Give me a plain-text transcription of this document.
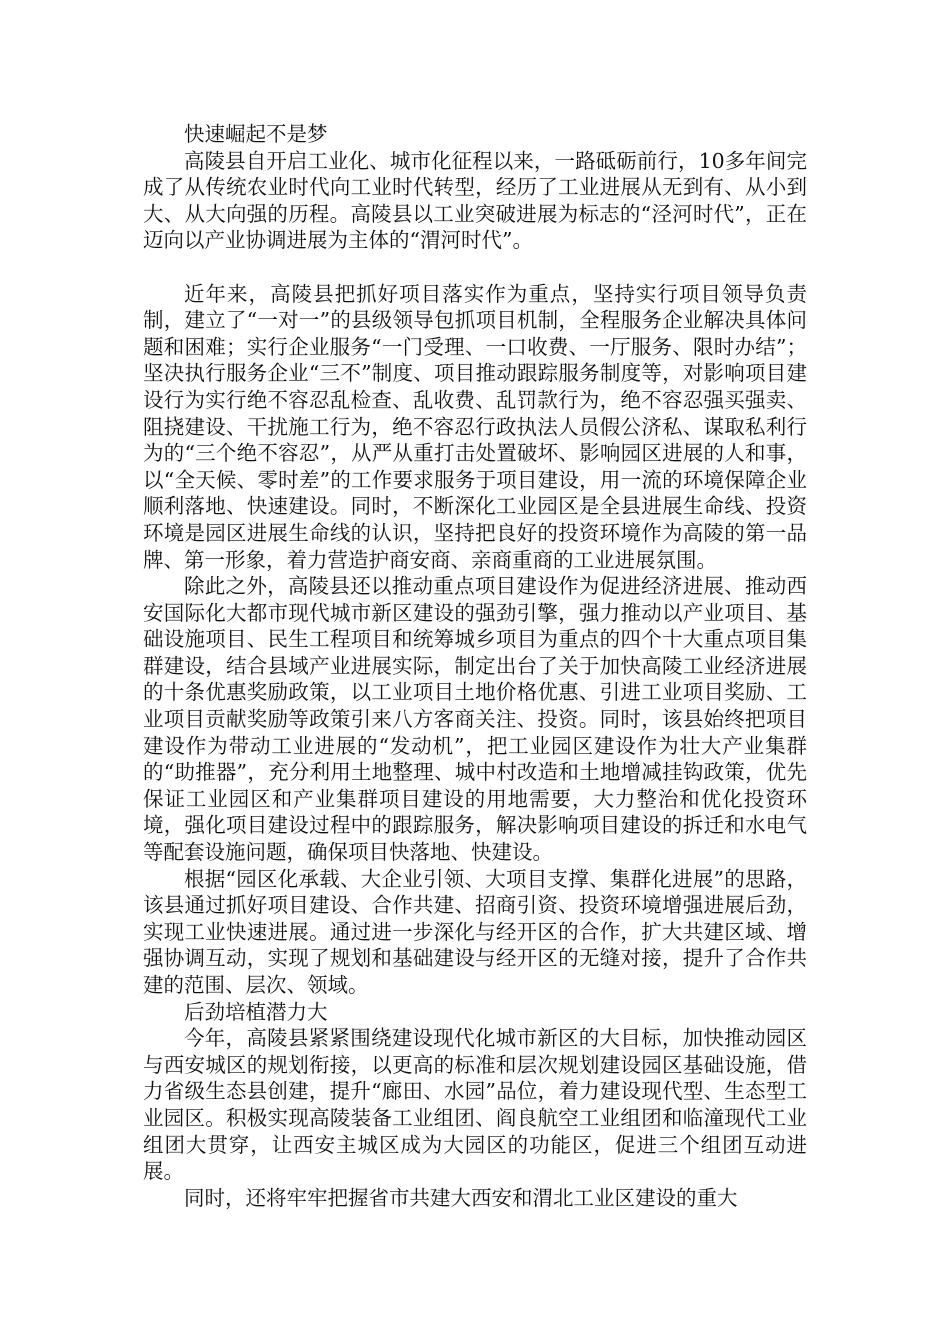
快速崛起不是梦

高陵县自开启工业化、城市化征程以来，一路砥砺前行，10多年间完成了从传统农业时代向工业时代转型，经历了工业进展从无到有、从小到大、从大向强的历程。高陵县以工业突破进展为标志的“泾河时代”，正在迈向以产业协调进展为主体的“渭河时代”。

近年来，高陵县把抓好项目落实作为重点，坚持实行项目领导负责制，建立了“一对一”的县级领导包抓项目机制，全程服务企业解决具体问题和困难；实行企业服务“一门受理、一口收费、一厅服务、限时办结”；坚决执行服务企业“三不”制度、项目推动跟踪服务制度等，对影响项目建设行为实行绝不容忍乱检查、乱收费、乱罚款行为，绝不容忍强买强卖、阻挠建设、干扰施工行为，绝不容忍行政执法人员假公济私、谋取私利行为的“三个绝不容忍”，从严从重打击处置破坏、影响园区进展的人和事，以“全天候、零时差”的工作要求服务于项目建设，用一流的环境保障企业顺利落地、快速建设。同时，不断深化工业园区是全县进展生命线、投资环境是园区进展生命线的认识，坚持把良好的投资环境作为高陵的第一品牌、第一形象，着力营造护商安商、亲商重商的工业进展氛围。

除此之外，高陵县还以推动重点项目建设作为促进经济进展、推动西安国际化大都市现代城市新区建设的强劲引擎，强力推动以产业项目、基础设施项目、民生工程项目和统筹城乡项目为重点的四个十大重点项目集群建设，结合县域产业进展实际，制定出台了关于加快高陵工业经济进展的十条优惠奖励政策，以工业项目土地价格优惠、引进工业项目奖励、工业项目贡献奖励等政策引来八方客商关注、投资。同时，该县始终把项目建设作为带动工业进展的“发动机”，把工业园区建设作为壮大产业集群的“助推器”，充分利用土地整理、城中村改造和土地增减挂钩政策，优先保证工业园区和产业集群项目建设的用地需要，大力整治和优化投资环境，强化项目建设过程中的跟踪服务，解决影响项目建设的拆迁和水电气等配套设施问题，确保项目快落地、快建设。

根据“园区化承载、大企业引领、大项目支撑、集群化进展”的思路，该县通过抓好项目建设、合作共建、招商引资、投资环境增强进展后劲，实现工业快速进展。通过进一步深化与经开区的合作，扩大共建区域、增强协调互动，实现了规划和基础建设与经开区的无缝对接，提升了合作共建的范围、层次、领域。

后劲培植潜力大

今年，高陵县紧紧围绕建设现代化城市新区的大目标，加快推动园区与西安城区的规划衔接，以更高的标准和层次规划建设园区基础设施，借力省级生态县创建，提升“廊田、水园”品位，着力建设现代型、生态型工业园区。积极实现高陵装备工业组团、阎良航空工业组团和临潼现代工业组团大贯穿，让西安主城区成为大园区的功能区，促进三个组团互动进展。

同时，还将牢牢把握省市共建大西安和渭北工业区建设的重大
